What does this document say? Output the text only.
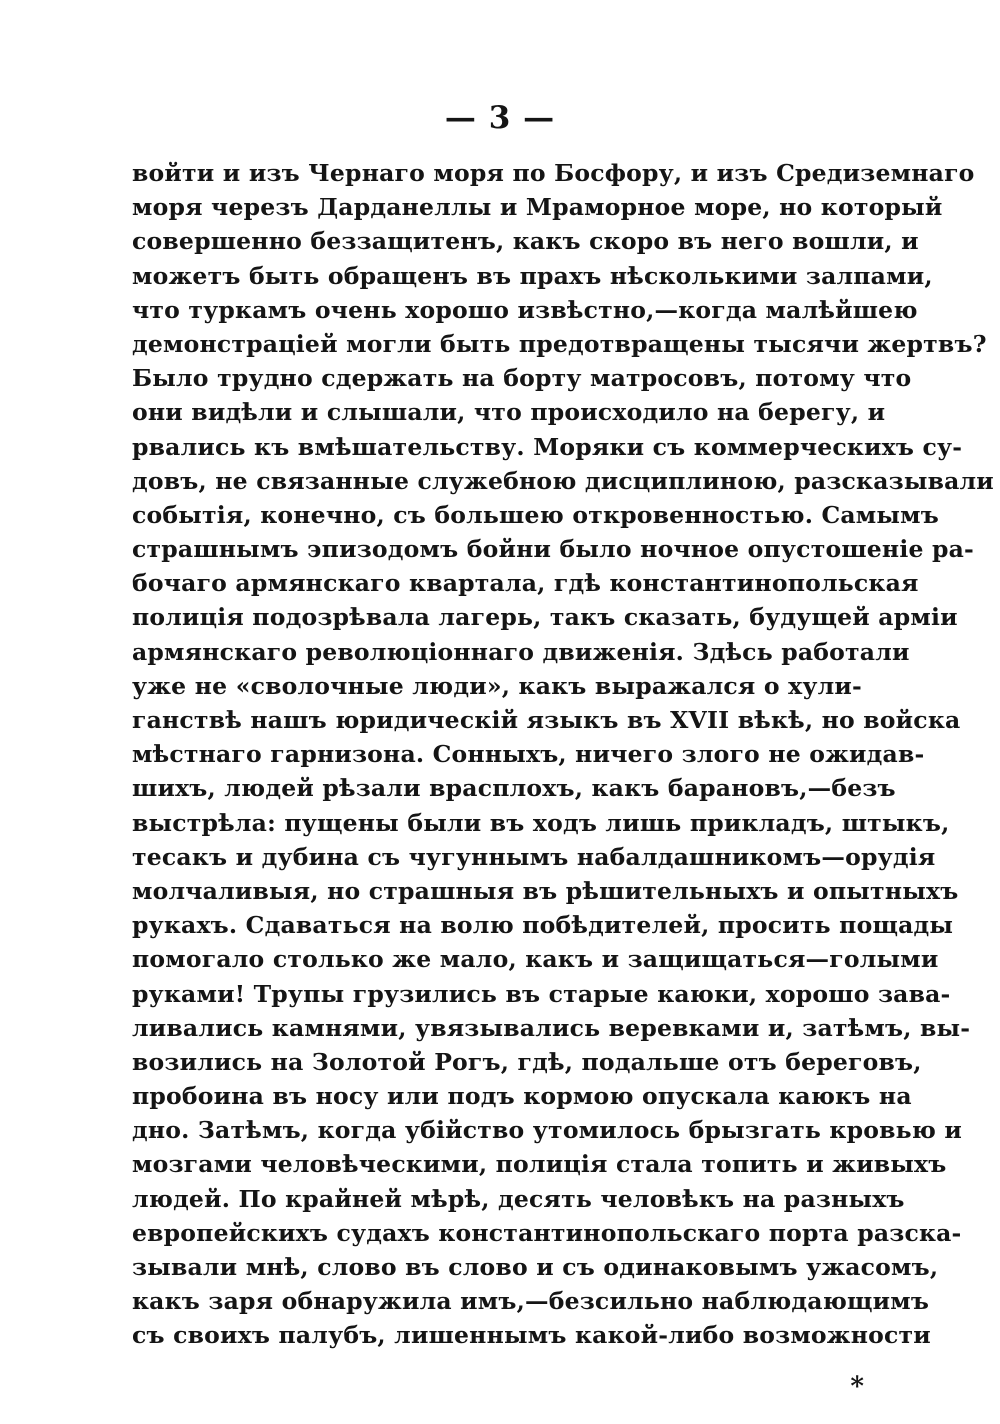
— 3 —
войти и изъ Чернаго моря по Босфору, и изъ Средиземнаго
моря черезъ Дарданеллы и Мраморное море, но который
совершенно беззащитенъ, какъ скоро въ него вошли, и
можетъ быть обращенъ въ прахъ нѣсколькими залпами,
что туркамъ очень хорошо извѣстно,—когда малѣйшею
демонстраціей могли быть предотвращены тысячи жертвъ?
Было трудно сдержать на борту матросовъ, потому что
они видѣли и слышали, что происходило на берегу, и
рвались къ вмѣшательству. Моряки съ коммерческихъ су-
довъ, не связанные служебною дисциплиною, разсказывали
событія, конечно, съ большею откровенностью. Самымъ
страшнымъ эпизодомъ бойни было ночное опустошеніе ра-
бочаго армянскаго квартала, гдѣ константинопольская
полиція подозрѣвала лагерь, такъ сказать, будущей арміи
армянскаго революціоннаго движенія. Здѣсь работали
уже не «сволочные люди», какъ выражался о хули-
ганствѣ нашъ юридическій языкъ въ XVII вѣкѣ, но войска
мѣстнаго гарнизона. Сонныхъ, ничего злого не ожидав-
шихъ, людей рѣзали врасплохъ, какъ барановъ,—безъ
выстрѣла: пущены были въ ходъ лишь прикладъ, штыкъ,
тесакъ и дубина съ чугуннымъ набалдашникомъ—орудія
молчаливыя, но страшныя въ рѣшительныхъ и опытныхъ
рукахъ. Сдаваться на волю побѣдителей, просить пощады
помогало столько же мало, какъ и защищаться—голыми
руками! Трупы грузились въ старые каюки, хорошо зава-
ливались камнями, увязывались веревками и, затѣмъ, вы-
возились на Золотой Рогъ, гдѣ, подальше отъ береговъ,
пробоина въ носу или подъ кормою опускала каюкъ на
дно. Затѣмъ, когда убійство утомилось брызгать кровью и
мозгами человѣческими, полиція стала топить и живыхъ
людей. По крайней мѣрѣ, десять человѣкъ на разныхъ
европейскихъ судахъ константинопольскаго порта разска-
зывали мнѣ, слово въ слово и съ одинаковымъ ужасомъ,
какъ заря обнаружила имъ,—безсильно наблюдающимъ
съ своихъ палубъ, лишеннымъ какой-либо возможности
*
